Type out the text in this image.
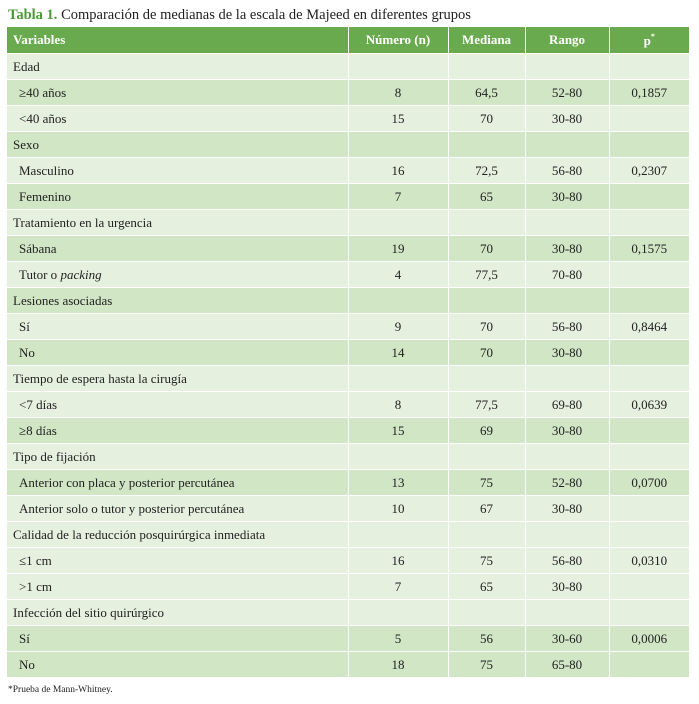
Tabla 1. Comparación de medianas de la escala de Majeed en diferentes grupos
Variables	Número (n)	Mediana	Rango	p*
Edad				
≥40 años	8	64,5	52-80	0,1857
<40 años	15	70	30-80	
Sexo				
Masculino	16	72,5	56-80	0,2307
Femenino	7	65	30-80	
Tratamiento en la urgencia				
Sábana	19	70	30-80	0,1575
Tutor o packing	4	77,5	70-80	
Lesiones asociadas				
Sí	9	70	56-80	0,8464
No	14	70	30-80	
Tiempo de espera hasta la cirugía				
<7 días	8	77,5	69-80	0,0639
≥8 días	15	69	30-80	
Tipo de fijación				
Anterior con placa y posterior percutánea	13	75	52-80	0,0700
Anterior solo o tutor y posterior percutánea	10	67	30-80	
Calidad de la reducción posquirúrgica inmediata				
≤1 cm	16	75	56-80	0,0310
>1 cm	7	65	30-80	
Infección del sitio quirúrgico				
Sí	5	56	30-60	0,0006
No	18	75	65-80	
*Prueba de Mann-Whitney.
